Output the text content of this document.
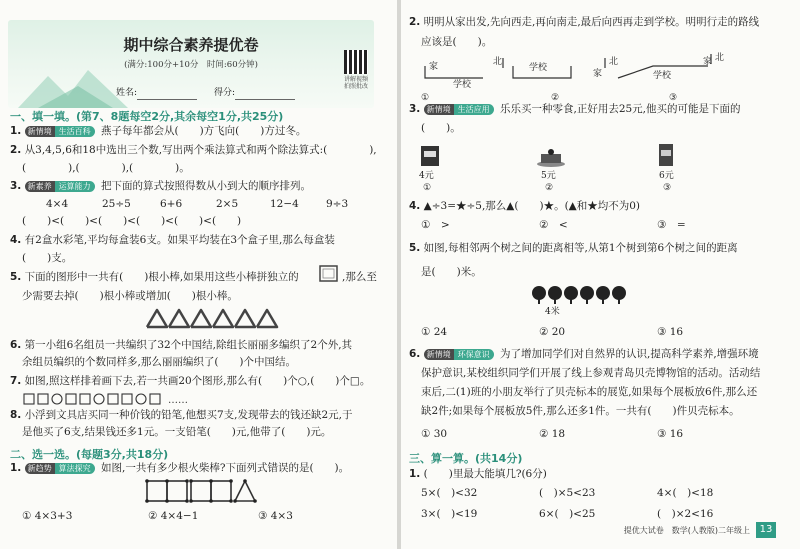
期中综合素养提优卷
(满分:100分+10分　时间:60分钟)
讲解视频
拍照批改
姓名:	得分:
一、填一填。(第7、8题每空2分,其余每空1分,共25分)
1. 新情境 生活百科 燕子每年都会从(　　)方飞向(　　)方过冬。
2. 从3,4,5,6和18中选出三个数,写出两个乘法算式和两个除法算式:(　　　　),
(　　　　),(　　　　),(　　　　)。
3. 新素养 运算能力 把下面的算式按照得数从小到大的顺序排列。
4×4	25÷5	6+6	2×5	12−4	9÷3
(　　)<(　　)<(　　)<(　　)<(　　)<(　　)
4. 有2盒水彩笔,平均每盒装6支。如果平均装在3个盒子里,那么每盒装
(　　)支。
5. 下面的图形中一共有(　　)根小棒,如果用这些小棒拼独立的	,那么至
少需要去掉(　　)根小棒或增加(　　)根小棒。
6. 第一小组6名组员一共编织了32个中国结,除组长丽丽多编织了2个外,其
余组员编织的个数同样多,那么丽丽编织了(　　)个中国结。
7. 如图,照这样排着画下去,若一共画20个图形,那么有(　　)个○,(　　)个□。
……
8. 小浮到文具店买同一种价钱的铅笔,他想买7支,发现带去的钱还缺2元,于
是他买了6支,结果钱还多1元。一支铅笔(　　)元,他带了(　　)元。
二、选一选。(每题3分,共18分)
1. 新趋势 算法探究 如图,一共有多少根火柴棒?下面列式错误的是(　　)。
① 4×3+3	② 4×4−1	③ 4×3
2. 明明从家出发,先向西走,再向南走,最后向西再走到学校。明明行走的路线
应该是(　　)。
家
学校
北
学校
北
家	学校
北
家
①	②	③
3. 新情境 生活应用 乐乐买一种零食,正好用去25元,他买的可能是下面的
(　　)。
4元	5元	6元
①	②	③
4. ▲÷3=★÷5,那么▲(　　)★。(▲和★均不为0)
①　>	②　<	③　=
5. 如图,每相邻两个树之间的距离相等,从第1个树到第6个树之间的距离
是(　　)米。
4米
① 24	② 20	③ 16
6. 新情境 环保意识 为了增加同学们对自然界的认识,提高科学素养,增强环境
保护意识,某校组织同学们开展了线上参观青岛贝壳博物馆的活动。活动结
束后,二(1)班的小朋友举行了贝壳标本的展览,如果每个展板放6件,那么还
缺2件;如果每个展板放5件,那么还多1件。一共有(　　)件贝壳标本。
① 30	② 18	③ 16
三、算一算。(共14分)
1. (　　)里最大能填几?(6分)
5×(　)<32	(　)×5<23	4×(　)<18
3×(　)<19	6×(　)<25	(　)×2<16
提优大试卷　数学(人教版)二年级上 13
